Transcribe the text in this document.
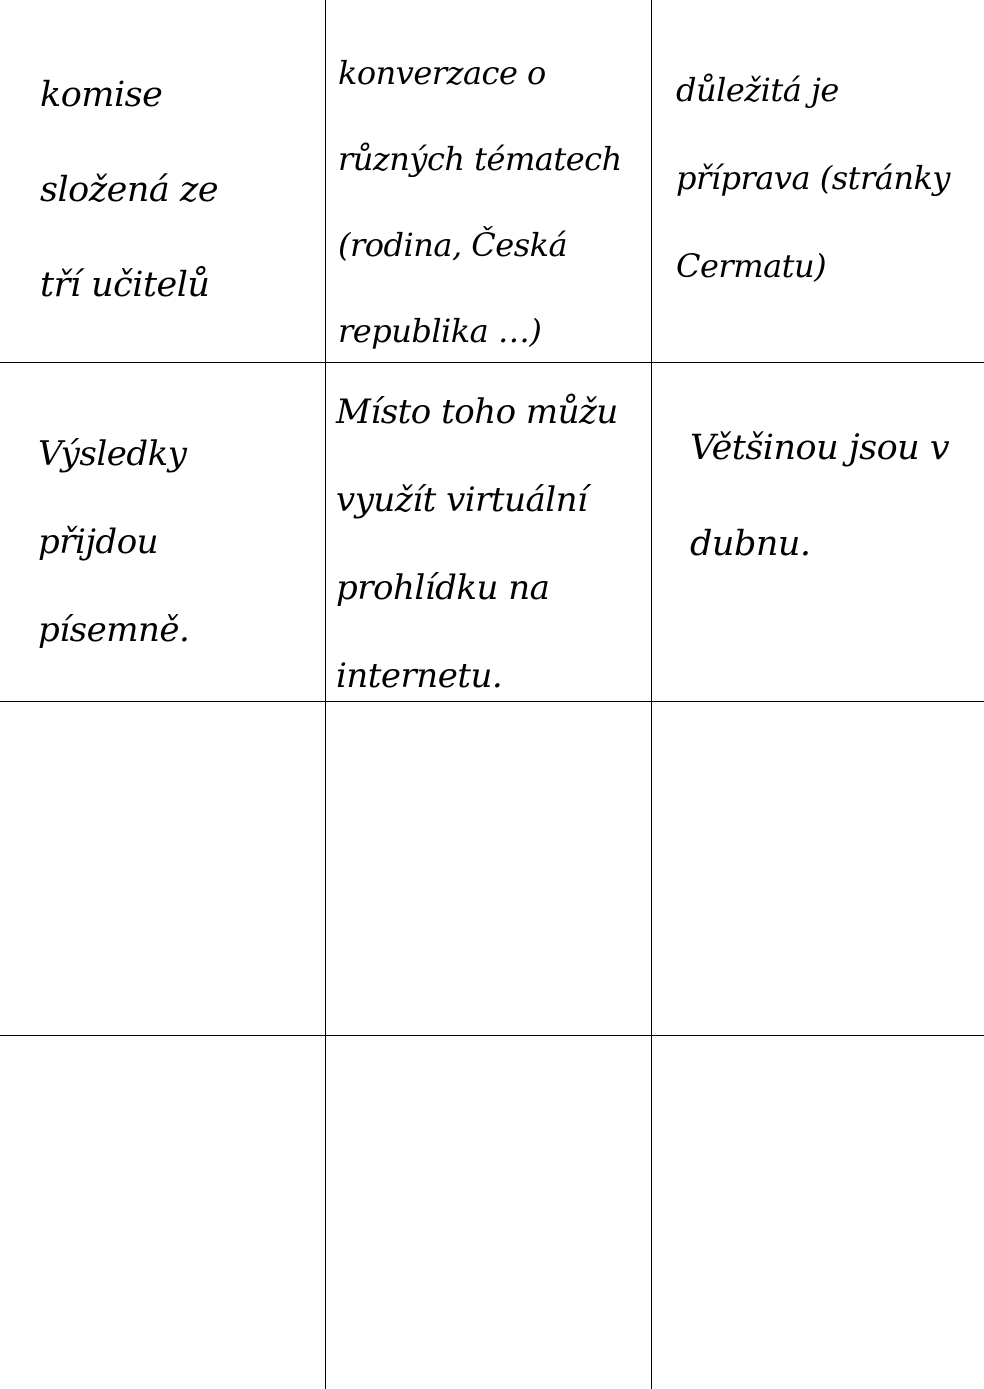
komise
složená ze
tří učitelů

konverzace o
různých tématech
(rodina, Česká
republika …)

důležitá je
příprava (stránky
Cermatu)

Výsledky
přijdou
písemně.

Místo toho můžu
využít virtuální
prohlídku na
internetu.

Většinou jsou v
dubnu.
